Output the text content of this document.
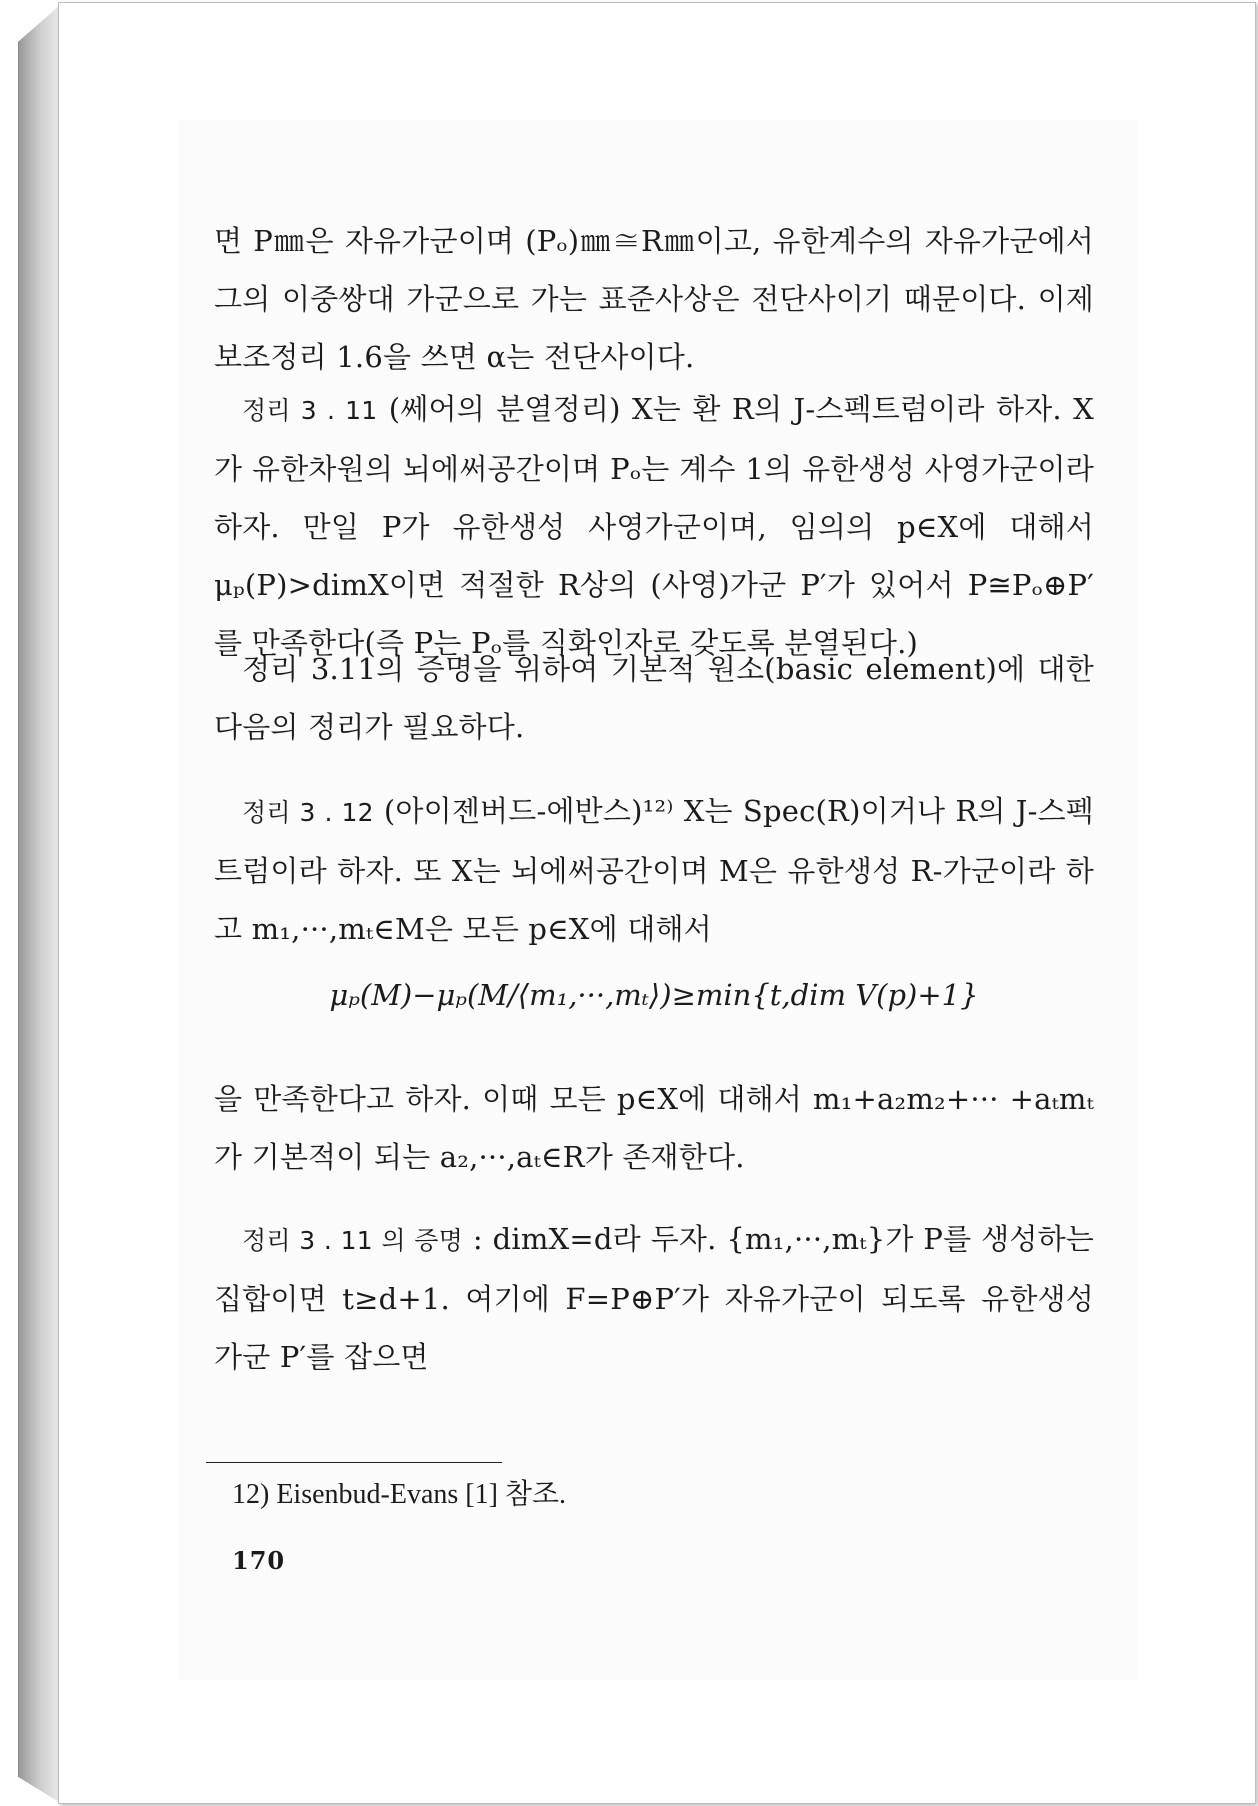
면 P㎜은 자유가군이며 (Pₒ)㎜≅R㎜이고, 유한계수의 자유가군에서 그의 이중쌍대 가군으로 가는 표준사상은 전단사이기 때문이다. 이제 보조정리 1.6을 쓰면 α는 전단사이다.
정리 3 . 11 (쎄어의 분열정리) X는 환 R의 J-스펙트럼이라 하자. X가 유한차원의 뇌에써공간이며 Pₒ는 계수 1의 유한생성 사영가군이라 하자. 만일 P가 유한생성 사영가군이며, 임의의 p∈X에 대해서 μₚ(P)>dimX이면 적절한 R상의 (사영)가군 P′가 있어서 P≅Pₒ⊕P′를 만족한다(즉 P는 Pₒ를 직화인자로 갖도록 분열된다.)
정리 3.11의 증명을 위하여 기본적 원소(basic element)에 대한 다음의 정리가 필요하다.
정리 3 . 12 (아이젠버드-에반스)¹²⁾ X는 Spec(R)이거나 R의 J-스펙트럼이라 하자. 또 X는 뇌에써공간이며 M은 유한생성 R-가군이라 하고 m₁,···,mₜ∈M은 모든 p∈X에 대해서
μₚ(M)−μₚ(M/⟨m₁,···,mₜ⟩)≥min{t,dim V(p)+1}
을 만족한다고 하자. 이때 모든 p∈X에 대해서 m₁+a₂m₂+··· +aₜmₜ가 기본적이 되는 a₂,···,aₜ∈R가 존재한다.
정리 3 . 11 의 증명 : dimX=d라 두자. {m₁,···,mₜ}가 P를 생성하는 집합이면 t≥d+1. 여기에 F=P⊕P′가 자유가군이 되도록 유한생성 가군 P′를 잡으면
12) Eisenbud-Evans [1] 참조.
170
